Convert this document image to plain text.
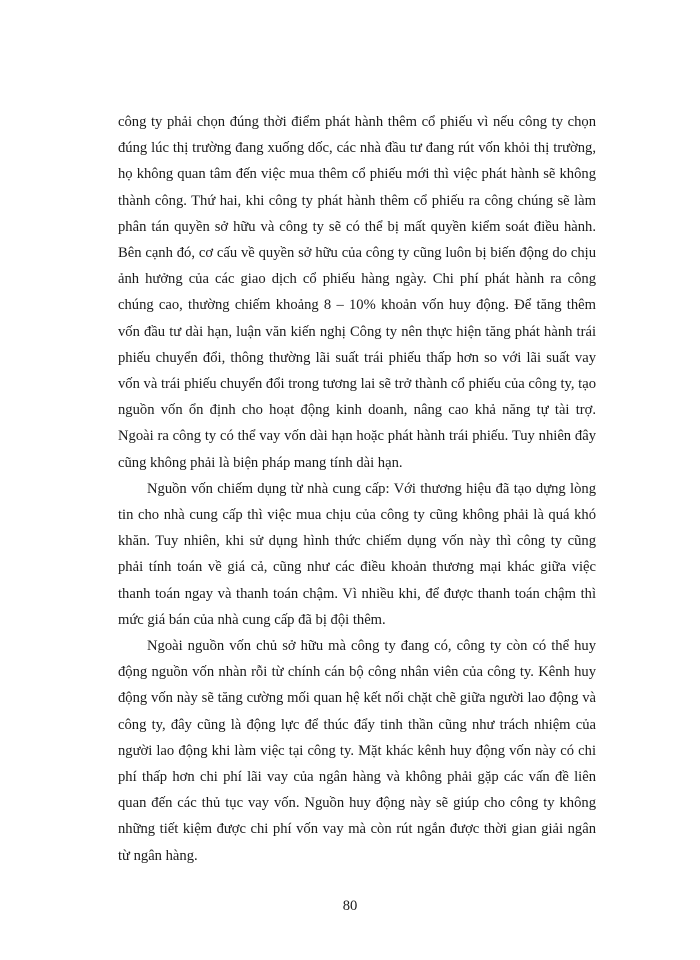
công ty phải chọn đúng thời điểm phát hành thêm cổ phiếu vì nếu công ty chọn đúng lúc thị trường đang xuống dốc, các nhà đầu tư đang rút vốn khỏi thị trường, họ không quan tâm đến việc mua thêm cổ phiếu mới thì việc phát hành sẽ không thành công. Thứ hai, khi công ty phát hành thêm cổ phiếu ra công chúng sẽ làm phân tán quyền sở hữu và công ty sẽ có thể bị mất quyền kiểm soát điều hành. Bên cạnh đó, cơ cấu về quyền sở hữu của công ty cũng luôn bị biến động do chịu ảnh hưởng của các giao dịch cổ phiếu hàng ngày. Chi phí phát hành ra công chúng cao, thường chiếm khoảng 8 – 10% khoản vốn huy động. Để tăng thêm vốn đầu tư dài hạn, luận văn kiến nghị Công ty nên thực hiện tăng phát hành trái phiếu chuyển đổi, thông thường lãi suất trái phiếu thấp hơn so với lãi suất vay vốn và trái phiếu chuyển đổi trong tương lai sẽ trở thành cổ phiếu của công ty, tạo nguồn vốn ổn định cho hoạt động kinh doanh, nâng cao khả năng tự tài trợ. Ngoài ra công ty có thể vay vốn dài hạn hoặc phát hành trái phiếu. Tuy nhiên đây cũng không phải là biện pháp mang tính dài hạn.

Nguồn vốn chiếm dụng từ nhà cung cấp: Với thương hiệu đã tạo dựng lòng tin cho nhà cung cấp thì việc mua chịu của công ty cũng không phải là quá khó khăn. Tuy nhiên, khi sử dụng hình thức chiếm dụng vốn này thì công ty cũng phải tính toán về giá cả, cũng như các điều khoản thương mại khác giữa việc thanh toán ngay và thanh toán chậm. Vì nhiều khi, để được thanh toán chậm thì mức giá bán của nhà cung cấp đã bị đội thêm.

Ngoài nguồn vốn chủ sở hữu mà công ty đang có, công ty còn có thể huy động nguồn vốn nhàn rỗi từ chính cán bộ công nhân viên của công ty. Kênh huy động vốn này sẽ tăng cường mối quan hệ kết nối chặt chẽ giữa người lao động và công ty, đây cũng là động lực để thúc đẩy tinh thần cũng như trách nhiệm của người lao động khi làm việc tại công ty. Mặt khác kênh huy động vốn này có chi phí thấp hơn chi phí lãi vay của ngân hàng và không phải gặp các vấn đề liên quan đến các thủ tục vay vốn. Nguồn huy động này sẽ giúp cho công ty không những tiết kiệm được chi phí vốn vay mà còn rút ngắn được thời gian giải ngân từ ngân hàng.

80
